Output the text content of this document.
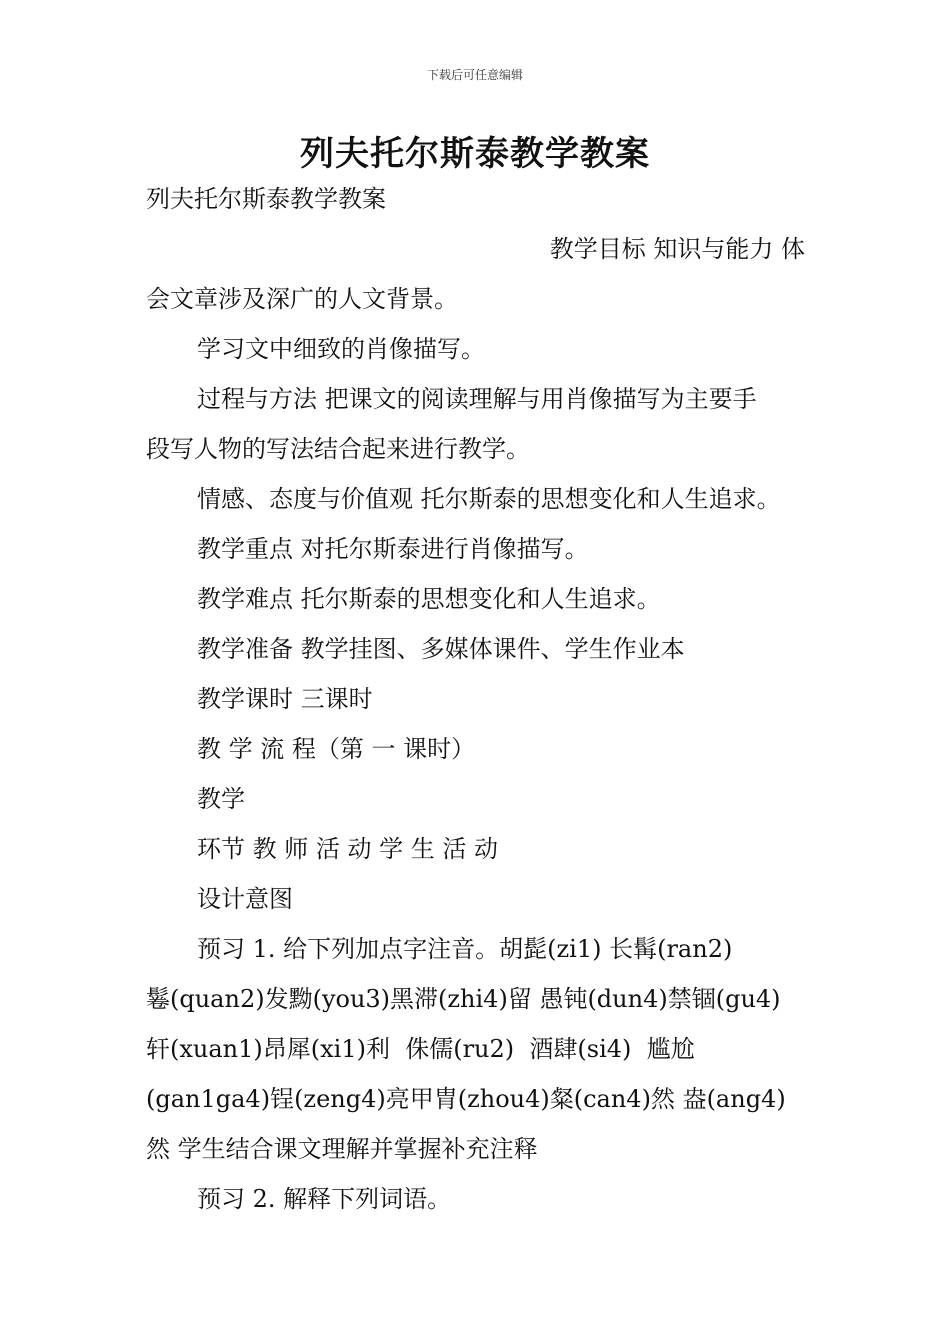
下载后可任意编辑
列夫托尔斯泰教学教案
列夫托尔斯泰教学教案
教学目标 知识与能力 体
会文章涉及深广的人文背景。
学习文中细致的肖像描写。
过程与方法 把课文的阅读理解与用肖像描写为主要手
段写人物的写法结合起来进行教学。
情感、态度与价值观 托尔斯泰的思想变化和人生追求。
教学重点 对托尔斯泰进行肖像描写。
教学难点 托尔斯泰的思想变化和人生追求。
教学准备 教学挂图、多媒体课件、学生作业本
教学课时 三课时
教 学 流 程（第 一 课时）
教学
环节 教 师 活 动 学 生 活 动
设计意图
预习 1. 给下列加点字注音。胡髭(zi1) 长髯(ran2)
鬈(quan2)发黝(you3)黑滞(zhi4)留 愚钝(dun4)禁锢(gu4)
轩(xuan1)昂犀(xi1)利  侏儒(ru2)  酒肆(si4)  尴尬
(gan1ga4)锃(zeng4)亮甲胄(zhou4)粲(can4)然 盎(ang4)
然 学生结合课文理解并掌握补充注释
预习 2. 解释下列词语。
